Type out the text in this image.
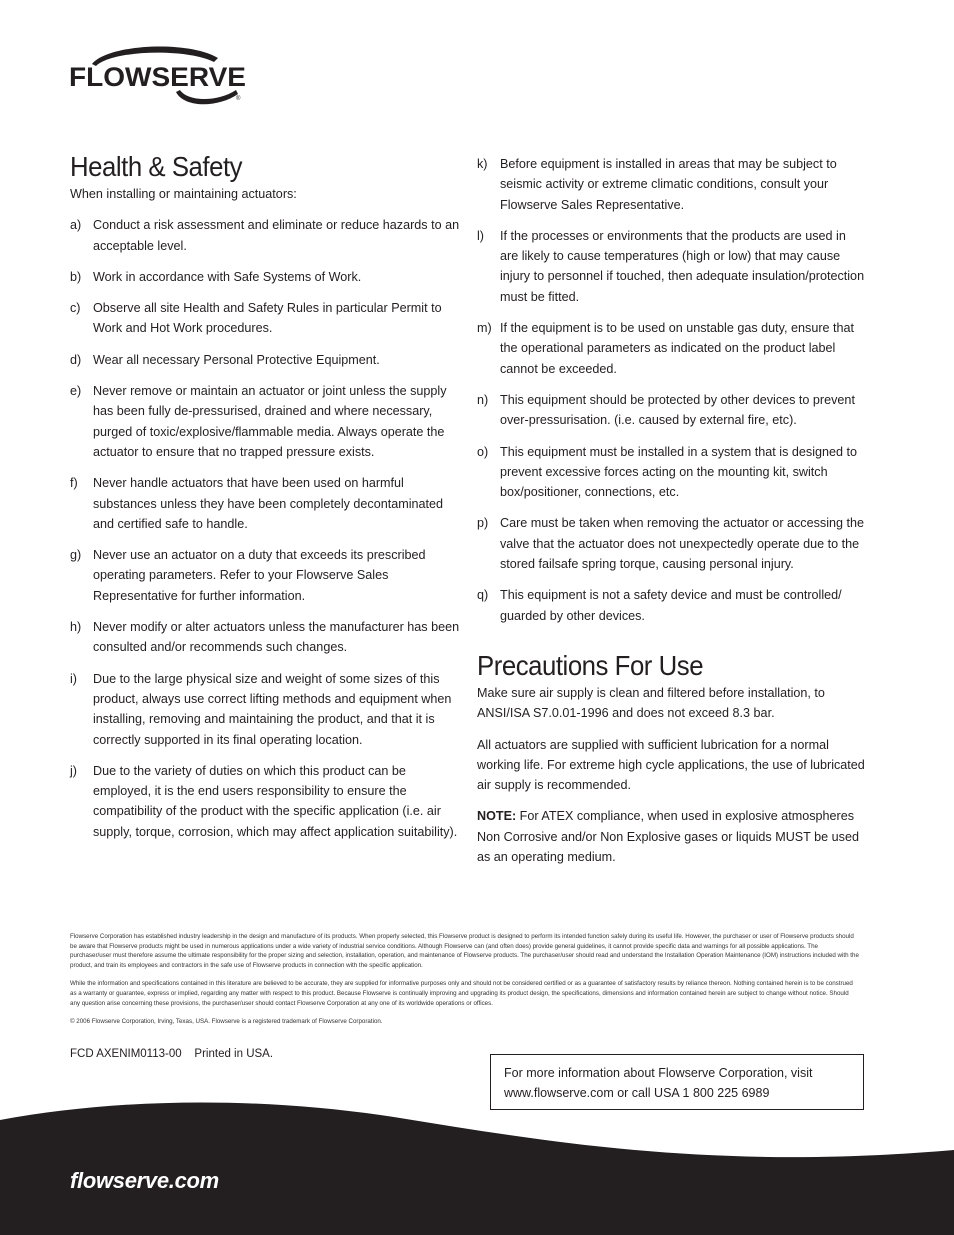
FLOWSERVE
®
Health & Safety

When installing or maintaining actuators:

a) Conduct a risk assessment and eliminate or reduce hazards to an acceptable level.
b) Work in accordance with Safe Systems of Work.
c) Observe all site Health and Safety Rules in particular Permit to Work and Hot Work procedures.
d) Wear all necessary Personal Protective Equipment.
e) Never remove or maintain an actuator or joint unless the supply has been fully de-pressurised, drained and where necessary, purged of toxic/explosive/flammable media. Always operate the actuator to ensure that no trapped pressure exists.
f)	Never handle actuators that have been used on harmful substances unless they have been completely decontaminated and certified safe to handle.
g) Never use an actuator on a duty that exceeds its prescribed operating parameters. Refer to your Flowserve Sales Representative for further information.
h) Never modify or alter actuators unless the manufacturer has been consulted and/or recommends such changes.
i)	Due to the large physical size and weight of some sizes of this product, always use correct lifting methods and equipment when installing, removing and maintaining the product, and that it is correctly supported in its final operating location.
j)	Due to the variety of duties on which this product can be employed, it is the end users responsibility to ensure the compatibility of the product with the specific application (i.e. air supply, torque, corrosion, which may affect application suitability).
k) Before equipment is installed in areas that may be subject to seismic activity or extreme climatic conditions, consult your Flowserve Sales Representative.
l)	If the processes or environments that the products are used in are likely to cause temperatures (high or low) that may cause injury to personnel if touched, then adequate insulation/protection must be fitted.
m) If the equipment is to be used on unstable gas duty, ensure that the operational parameters as indicated on the product label cannot be exceeded.
n) This equipment should be protected by other devices to prevent over-pressurisation. (i.e. caused by external fire, etc).
o) This equipment must be installed in a system that is designed to prevent excessive forces acting on the mounting kit, switch box/positioner, connections, etc.
p) Care must be taken when removing the actuator or accessing the valve that the actuator does not unexpectedly operate due to the stored failsafe spring torque, causing personal injury.
q) This equipment is not a safety device and must be controlled/ guarded by other devices.
Precautions For Use

Make sure air supply is clean and filtered before installation, to ANSI/ISA S7.0.01-1996 and does not exceed 8.3 bar.

All actuators are supplied with sufficient lubrication for a normal working life. For extreme high cycle applications, the use of lubricated air supply is recommended.

NOTE: For ATEX compliance, when used in explosive atmospheres Non Corrosive and/or Non Explosive gases or liquids MUST be used as an operating medium.

Flowserve Corporation has established industry leadership in the design and manufacture of its products. When properly selected, this Flowserve product is designed to perform its intended function safely during its useful life. However, the purchaser or user of Flowserve products should be aware that Flowserve products might be used in numerous applications under a wide variety of industrial service conditions. Although Flowserve can (and often does) provide general guidelines, it cannot provide specific data and warnings for all possible applications. The purchaser/user must therefore assume the ultimate responsibility for the proper sizing and selection, installation, operation, and maintenance of Flowserve products. The purchaser/user should read and understand the Installation Operation Maintenance (IOM) instructions included with the product, and train its employees and contractors in the safe use of Flowserve products in connection with the specific application.

While the information and specifications contained in this literature are believed to be accurate, they are supplied for informative purposes only and should not be considered certified or as a guarantee of satisfactory results by reliance thereon. Nothing contained herein is to be construed as a warranty or guarantee, express or implied, regarding any matter with respect to this product. Because Flowserve is continually improving and upgrading its product design, the specifications, dimensions and information contained herein are subject to change without notice. Should any question arise concerning these provisions, the purchaser/user should contact Flowserve Corporation at any one of its worldwide operations or offices.

© 2006 Flowserve Corporation, Irving, Texas, USA. Flowserve is a registered trademark of Flowserve Corporation.

FCD AXENIM0113-00    Printed in USA.
For more information about Flowserve Corporation, visit
www.flowserve.com or call USA 1 800 225 6989
flowserve.com
